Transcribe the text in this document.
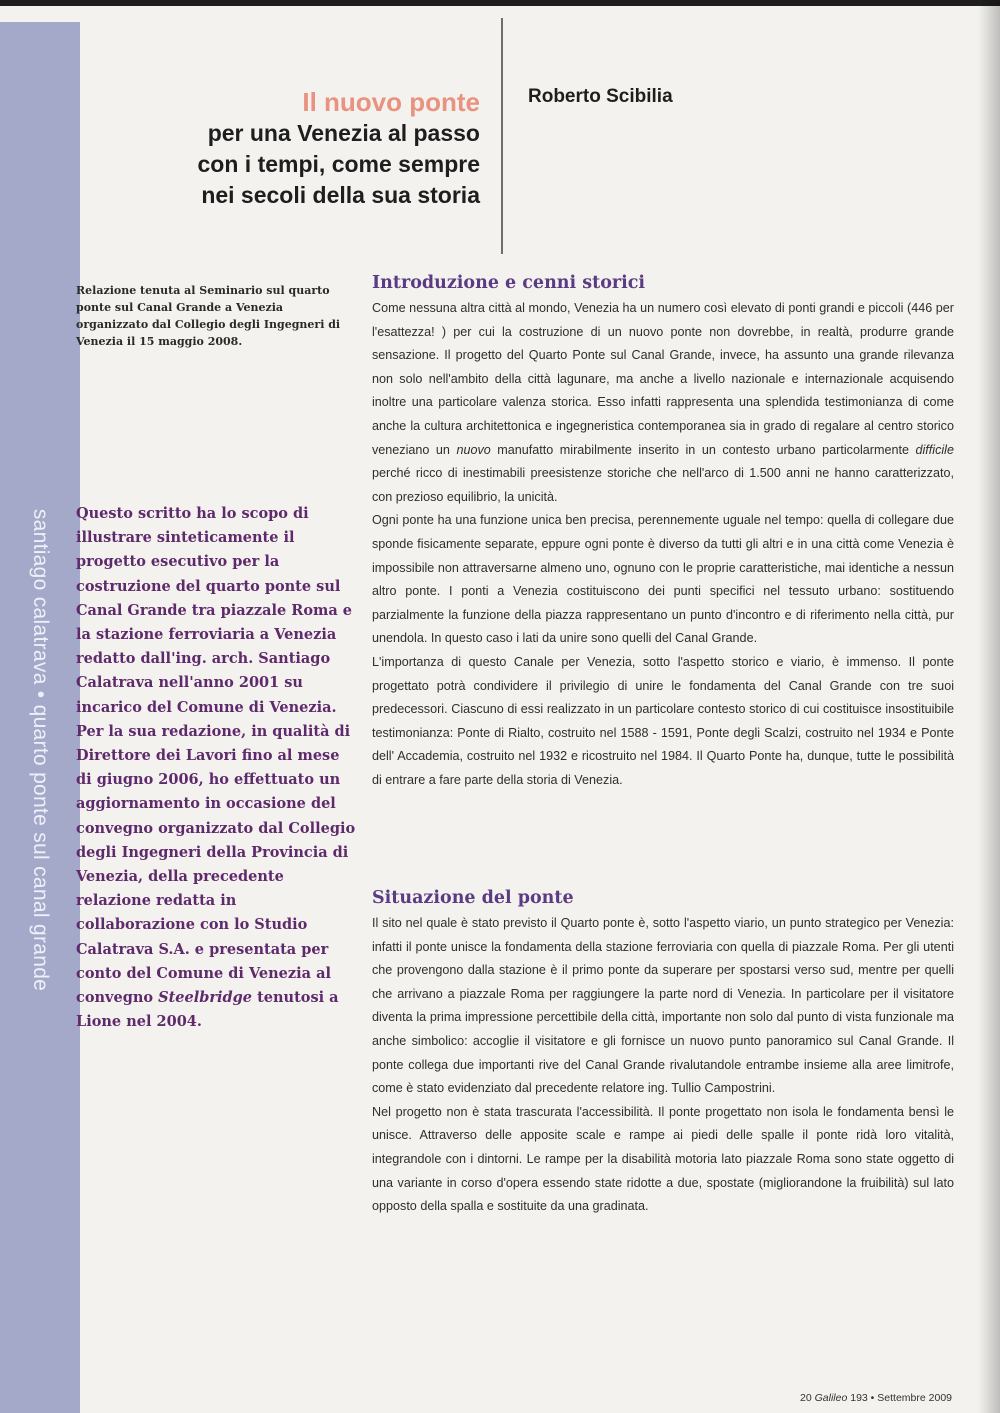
santiago calatrava • quarto ponte sul canal grande
Il nuovo ponte
per una Venezia al passo
con i tempi, come sempre
nei secoli della sua storia
Roberto Scibilia
Relazione tenuta al Seminario sul quarto ponte sul Canal Grande a Venezia organizzato dal Collegio degli Ingegneri di Venezia il 15 maggio 2008.
Questo scritto ha lo scopo di illustrare sinteticamente il progetto esecutivo per la costruzione del quarto ponte sul Canal Grande tra piazzale Roma e la stazione ferroviaria a Venezia redatto dall'ing. arch. Santiago Calatrava nell'anno 2001 su incarico del Comune di Venezia. Per la sua redazione, in qualità di Direttore dei Lavori fino al mese di giugno 2006, ho effettuato un aggiornamento in occasione del convegno organizzato dal Collegio degli Ingegneri della Provincia di Venezia, della precedente relazione redatta in collaborazione con lo Studio Calatrava S.A. e presentata per conto del Comune di Venezia al convegno Steelbridge tenutosi a Lione nel 2004.
Introduzione e cenni storici

Come nessuna altra città al mondo, Venezia ha un numero così elevato di ponti grandi e piccoli (446 per l'esattezza! ) per cui la costruzione di un nuovo ponte non dovrebbe, in realtà, produrre grande sensazione. Il progetto del Quarto Ponte sul Canal Grande, invece, ha assunto una grande rilevanza non solo nell'ambito della città lagunare, ma anche a livello nazionale e internazionale acquisendo inoltre una particolare valenza storica. Esso infatti rappresenta una splendida testimonianza di come anche la cultura architettonica e ingegneristica contemporanea sia in grado di regalare al centro storico veneziano un nuovo manufatto mirabilmente inserito in un contesto urbano particolarmente difficile perché ricco di inestimabili preesistenze storiche che nell'arco di 1.500 anni ne hanno caratterizzato, con prezioso equilibrio, la unicità.

Ogni ponte ha una funzione unica ben precisa, perennemente uguale nel tempo: quella di collegare due sponde fisicamente separate, eppure ogni ponte è diverso da tutti gli altri e in una città come Venezia è impossibile non attraversarne almeno uno, ognuno con le proprie caratteristiche, mai identiche a nessun altro ponte. I ponti a Venezia costituiscono dei punti specifici nel tessuto urbano: sostituendo parzialmente la funzione della piazza rappresentano un punto d'incontro e di riferimento nella città, pur unendola. In questo caso i lati da unire sono quelli del Canal Grande.

L'importanza di questo Canale per Venezia, sotto l'aspetto storico e viario, è immenso. Il ponte progettato potrà condividere il privilegio di unire le fondamenta del Canal Grande con tre suoi predecessori. Ciascuno di essi realizzato in un particolare contesto storico di cui costituisce insostituibile testimonianza: Ponte di Rialto, costruito nel 1588 - 1591, Ponte degli Scalzi, costruito nel 1934 e Ponte dell' Accademia, costruito nel 1932 e ricostruito nel 1984. Il Quarto Ponte ha, dunque, tutte le possibilità di entrare a fare parte della storia di Venezia.

Situazione del ponte

Il sito nel quale è stato previsto il Quarto ponte è, sotto l'aspetto viario, un punto strategico per Venezia: infatti il ponte unisce la fondamenta della stazione ferroviaria con quella di piazzale Roma. Per gli utenti che provengono dalla stazione è il primo ponte da superare per spostarsi verso sud, mentre per quelli che arrivano a piazzale Roma per raggiungere la parte nord di Venezia. In particolare per il visitatore diventa la prima impressione percettibile della città, importante non solo dal punto di vista funzionale ma anche simbolico: accoglie il visitatore e gli fornisce un nuovo punto panoramico sul Canal Grande. Il ponte collega due importanti rive del Canal Grande rivalutandole entrambe insieme alla aree limitrofe, come è stato evidenziato dal precedente relatore ing. Tullio Campostrini.

Nel progetto non è stata trascurata l'accessibilità. Il ponte progettato non isola le fondamenta bensì le unisce. Attraverso delle apposite scale e rampe ai piedi delle spalle il ponte ridà loro vitalità, integrandole con i dintorni. Le rampe per la disabilità motoria lato piazzale Roma sono state oggetto di una variante in corso d'opera essendo state ridotte a due, spostate (migliorandone la fruibilità) sul lato opposto della spalla e sostituite da una gradinata.

20 Galileo 193 • Settembre 2009
